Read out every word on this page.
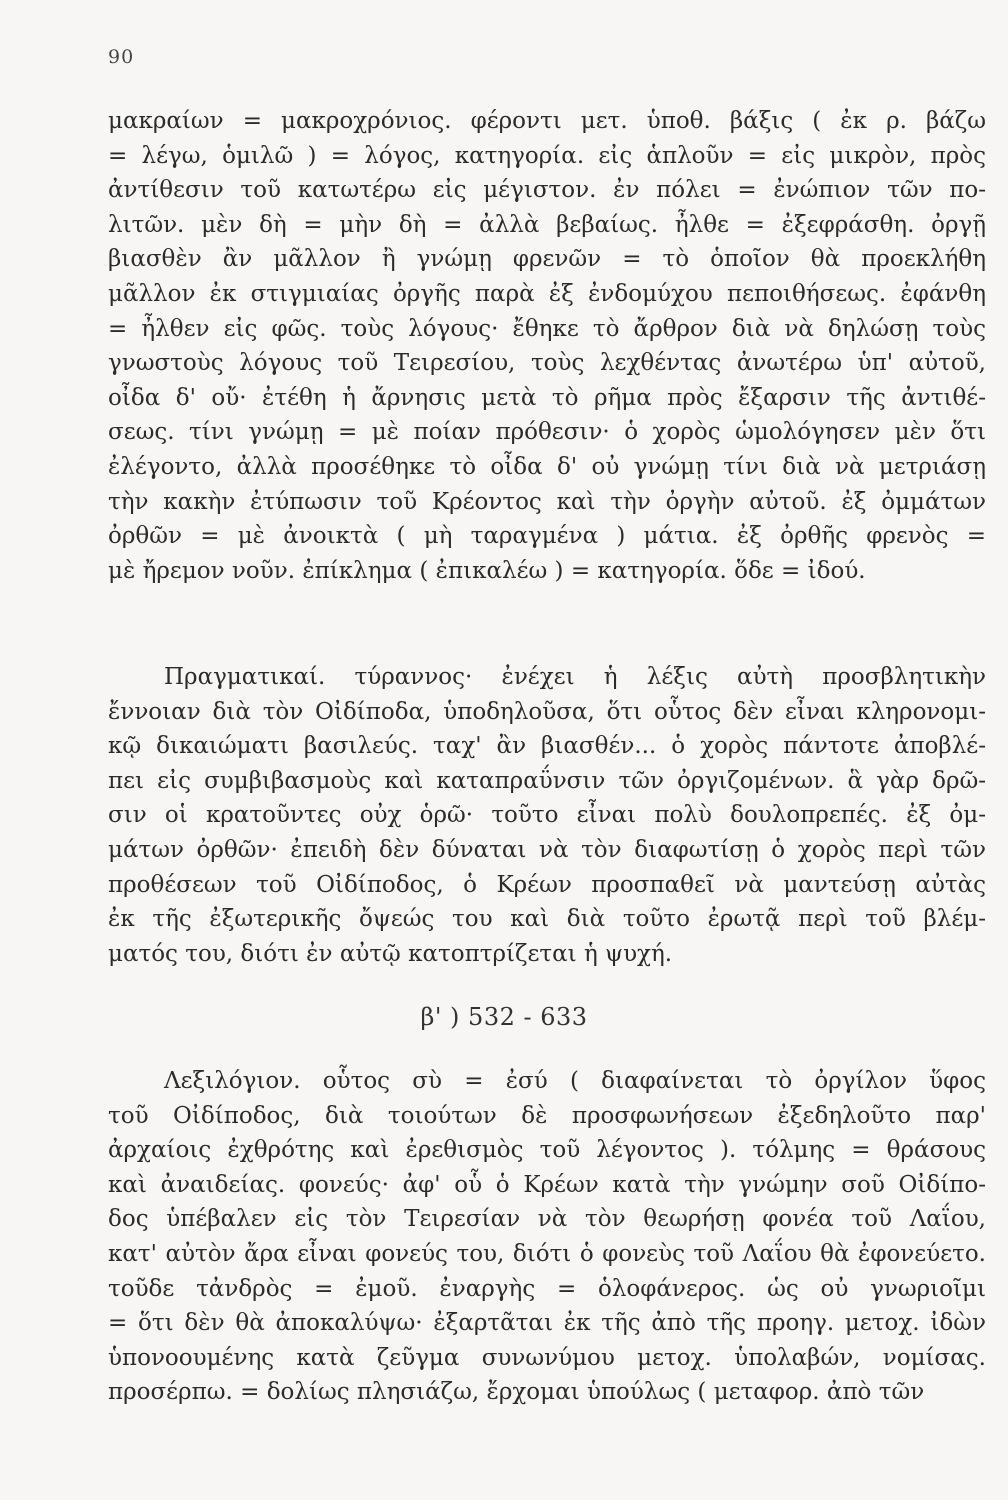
90
μακραίων = μακροχρόνιος. φέροντι μετ. ὑποθ. βάξις ( ἐκ ρ. βάζω
= λέγω, ὁμιλῶ ) = λόγος, κατηγορία. εἰς ἁπλοῦν = εἰς μικρὸν, πρὸς
ἀντίθεσιν τοῦ κατωτέρω εἰς μέγιστον. ἐν πόλει = ἐνώπιον τῶν πο-
λιτῶν. μὲν δὴ = μὴν δὴ = ἀλλὰ βεβαίως. ἦλθε = ἐξεφράσθη. ὀργῇ
βιασθὲν ἂν μᾶλλον ἢ γνώμῃ φρενῶν = τὸ ὁποῖον θὰ προεκλήθη
μᾶλλον ἐκ στιγμιαίας ὀργῆς παρὰ ἐξ ἐνδομύχου πεποιθήσεως. ἐφάνθη
= ἦλθεν εἰς φῶς. τοὺς λόγους· ἔθηκε τὸ ἄρθρον διὰ νὰ δηλώσῃ τοὺς
γνωστοὺς λόγους τοῦ Τειρεσίου, τοὺς λεχθέντας ἀνωτέρω ὑπ' αὐτοῦ,
οἶδα δ' οὔ· ἐτέθη ἡ ἄρνησις μετὰ τὸ ρῆμα πρὸς ἔξαρσιν τῆς ἀντιθέ-
σεως. τίνι γνώμῃ = μὲ ποίαν πρόθεσιν· ὁ χορὸς ὡμολόγησεν μὲν ὅτι
ἐλέγοντο, ἀλλὰ προσέθηκε τὸ οἶδα δ' οὐ γνώμῃ τίνι διὰ νὰ μετριάσῃ
τὴν κακὴν ἐτύπωσιν τοῦ Κρέοντος καὶ τὴν ὀργὴν αὐτοῦ. ἐξ ὀμμάτων
ὀρθῶν = μὲ ἀνοικτὰ ( μὴ ταραγμένα ) μάτια. ἐξ ὀρθῆς φρενὸς =
μὲ ἤρεμον νοῦν. ἐπίκλημα ( ἐπικαλέω ) = κατηγορία. ὅδε = ἰδού.
Πραγματικαί. τύραννος· ἐνέχει ἡ λέξις αὐτὴ προσβλητικὴν
ἔννοιαν διὰ τὸν Οἰδίποδα, ὑποδηλοῦσα, ὅτι οὗτος δὲν εἶναι κληρονομι-
κῷ δικαιώματι βασιλεύς. ταχ' ἂν βιασθέν... ὁ χορὸς πάντοτε ἀποβλέ-
πει εἰς συμβιβασμοὺς καὶ καταπραΰνσιν τῶν ὀργιζομένων. ἃ γὰρ δρῶ-
σιν οἱ κρατοῦντες οὐχ ὁρῶ· τοῦτο εἶναι πολὺ δουλοπρεπές. ἐξ ὀμ-
μάτων ὀρθῶν· ἐπειδὴ δὲν δύναται νὰ τὸν διαφωτίσῃ ὁ χορὸς περὶ τῶν
προθέσεων τοῦ Οἰδίποδος, ὁ Κρέων προσπαθεῖ νὰ μαντεύσῃ αὐτὰς
ἐκ τῆς ἐξωτερικῆς ὄψεώς του καὶ διὰ τοῦτο ἐρωτᾷ περὶ τοῦ βλέμ-
ματός του, διότι ἐν αὐτῷ κατοπτρίζεται ἡ ψυχή.
β' ) 532 - 633
Λεξιλόγιον. οὗτος σὺ = ἐσύ ( διαφαίνεται τὸ ὀργίλον ὕφος
τοῦ Οἰδίποδος, διὰ τοιούτων δὲ προσφωνήσεων ἐξεδηλοῦτο παρ'
ἀρχαίοις ἐχθρότης καὶ ἐρεθισμὸς τοῦ λέγοντος ). τόλμης = θράσους
καὶ ἀναιδείας. φονεύς· ἀφ' οὗ ὁ Κρέων κατὰ τὴν γνώμην σοῦ Οἰδίπο-
δος ὑπέβαλεν εἰς τὸν Τειρεσίαν νὰ τὸν θεωρήσῃ φονέα τοῦ Λαΐου,
κατ' αὐτὸν ἄρα εἶναι φονεύς του, διότι ὁ φονεὺς τοῦ Λαΐου θὰ ἐφονεύετο.
τοῦδε τἀνδρὸς = ἐμοῦ. ἐναργὴς = ὁλοφάνερος. ὡς οὐ γνωριοῖμι
= ὅτι δὲν θὰ ἀποκαλύψω· ἐξαρτᾶται ἐκ τῆς ἀπὸ τῆς προηγ. μετοχ. ἰδὼν
ὑπονοουμένης κατὰ ζεῦγμα συνωνύμου μετοχ. ὑπολαβών, νομίσας.
προσέρπω. = δολίως πλησιάζω, ἔρχομαι ὑπούλως ( μεταφορ. ἀπὸ τῶν
